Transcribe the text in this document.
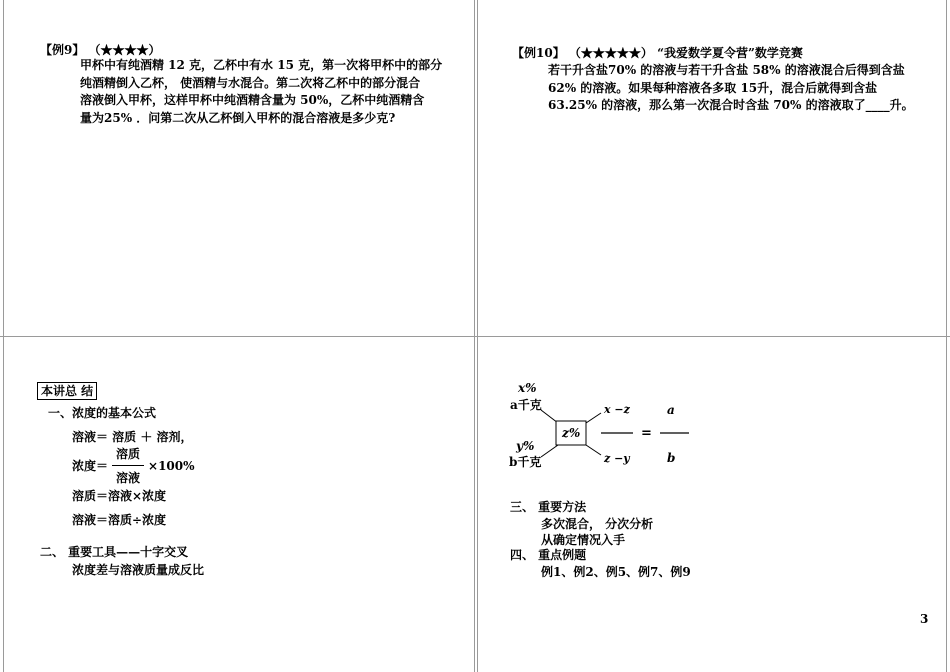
【例9】 （★★★★）
甲杯中有纯酒精 12 克，乙杯中有水 15 克，第一次将甲杯中的部分
纯酒精倒入乙杯， 使酒精与水混合。第二次将乙杯中的部分混合
溶液倒入甲杯，这样甲杯中纯酒精含量为 50%，乙杯中纯酒精含
量为25% ．问第二次从乙杯倒入甲杯的混合溶液是多少克?
【例10】 （★★★★★） “我爱数学夏令营”数学竞赛
若干升含盐70% 的溶液与若干升含盐 58% 的溶液混合后得到含盐
62% 的溶液。如果每种溶液各多取 15升，混合后就得到含盐
63.25% 的溶液，那么第一次混合时含盐 70% 的溶液取了____升。
本讲总 结
一、浓度的基本公式
溶液＝ 溶质 ＋ 溶剂，
浓度＝ $\frac{\text{溶质}}{\text{溶液}} \times 100\%$
溶质＝溶液×浓度
溶液＝溶质÷浓度
二、 重要工具——十字交叉
浓度差与溶液质量成反比
x%
a千克
y%
b千克
z%
x −z
z −y
=
a
b
三、 重要方法
多次混合， 分次分析
从确定情况入手
四、 重点例题
例1、例2、例5、例7、例9
3
